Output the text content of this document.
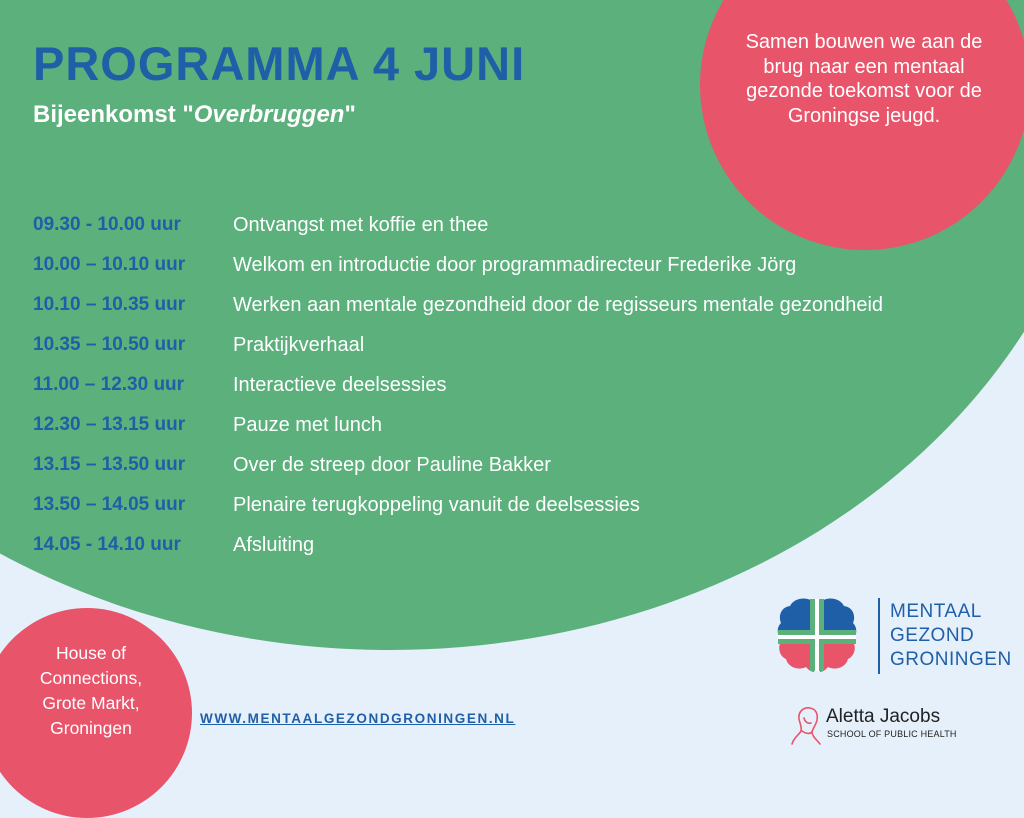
Samen bouwen we aan de brug naar een mentaal gezonde toekomst voor de Groningse jeugd.
PROGRAMMA 4 JUNI
Bijeenkomst "Overbruggen"
09.30 - 10.00 uur	Ontvangst met koffie en thee
10.00 – 10.10 uur	Welkom en introductie door programmadirecteur Frederike Jörg
10.10 – 10.35 uur	Werken aan mentale gezondheid door de regisseurs mentale gezondheid
10.35 – 10.50 uur	Praktijkverhaal
11.00 – 12.30 uur	Interactieve deelsessies
12.30 – 13.15 uur	Pauze met lunch
13.15 – 13.50 uur	Over de streep door Pauline Bakker
13.50 – 14.05 uur	Plenaire terugkoppeling vanuit de deelsessies
14.05 - 14.10 uur	Afsluiting
House of Connections, Grote Markt, Groningen	WWW.MENTAALGEZONDGRONINGEN.NL
MENTAAL
GEZOND
GRONINGEN
Aletta Jacobs
SCHOOL OF PUBLIC HEALTH
